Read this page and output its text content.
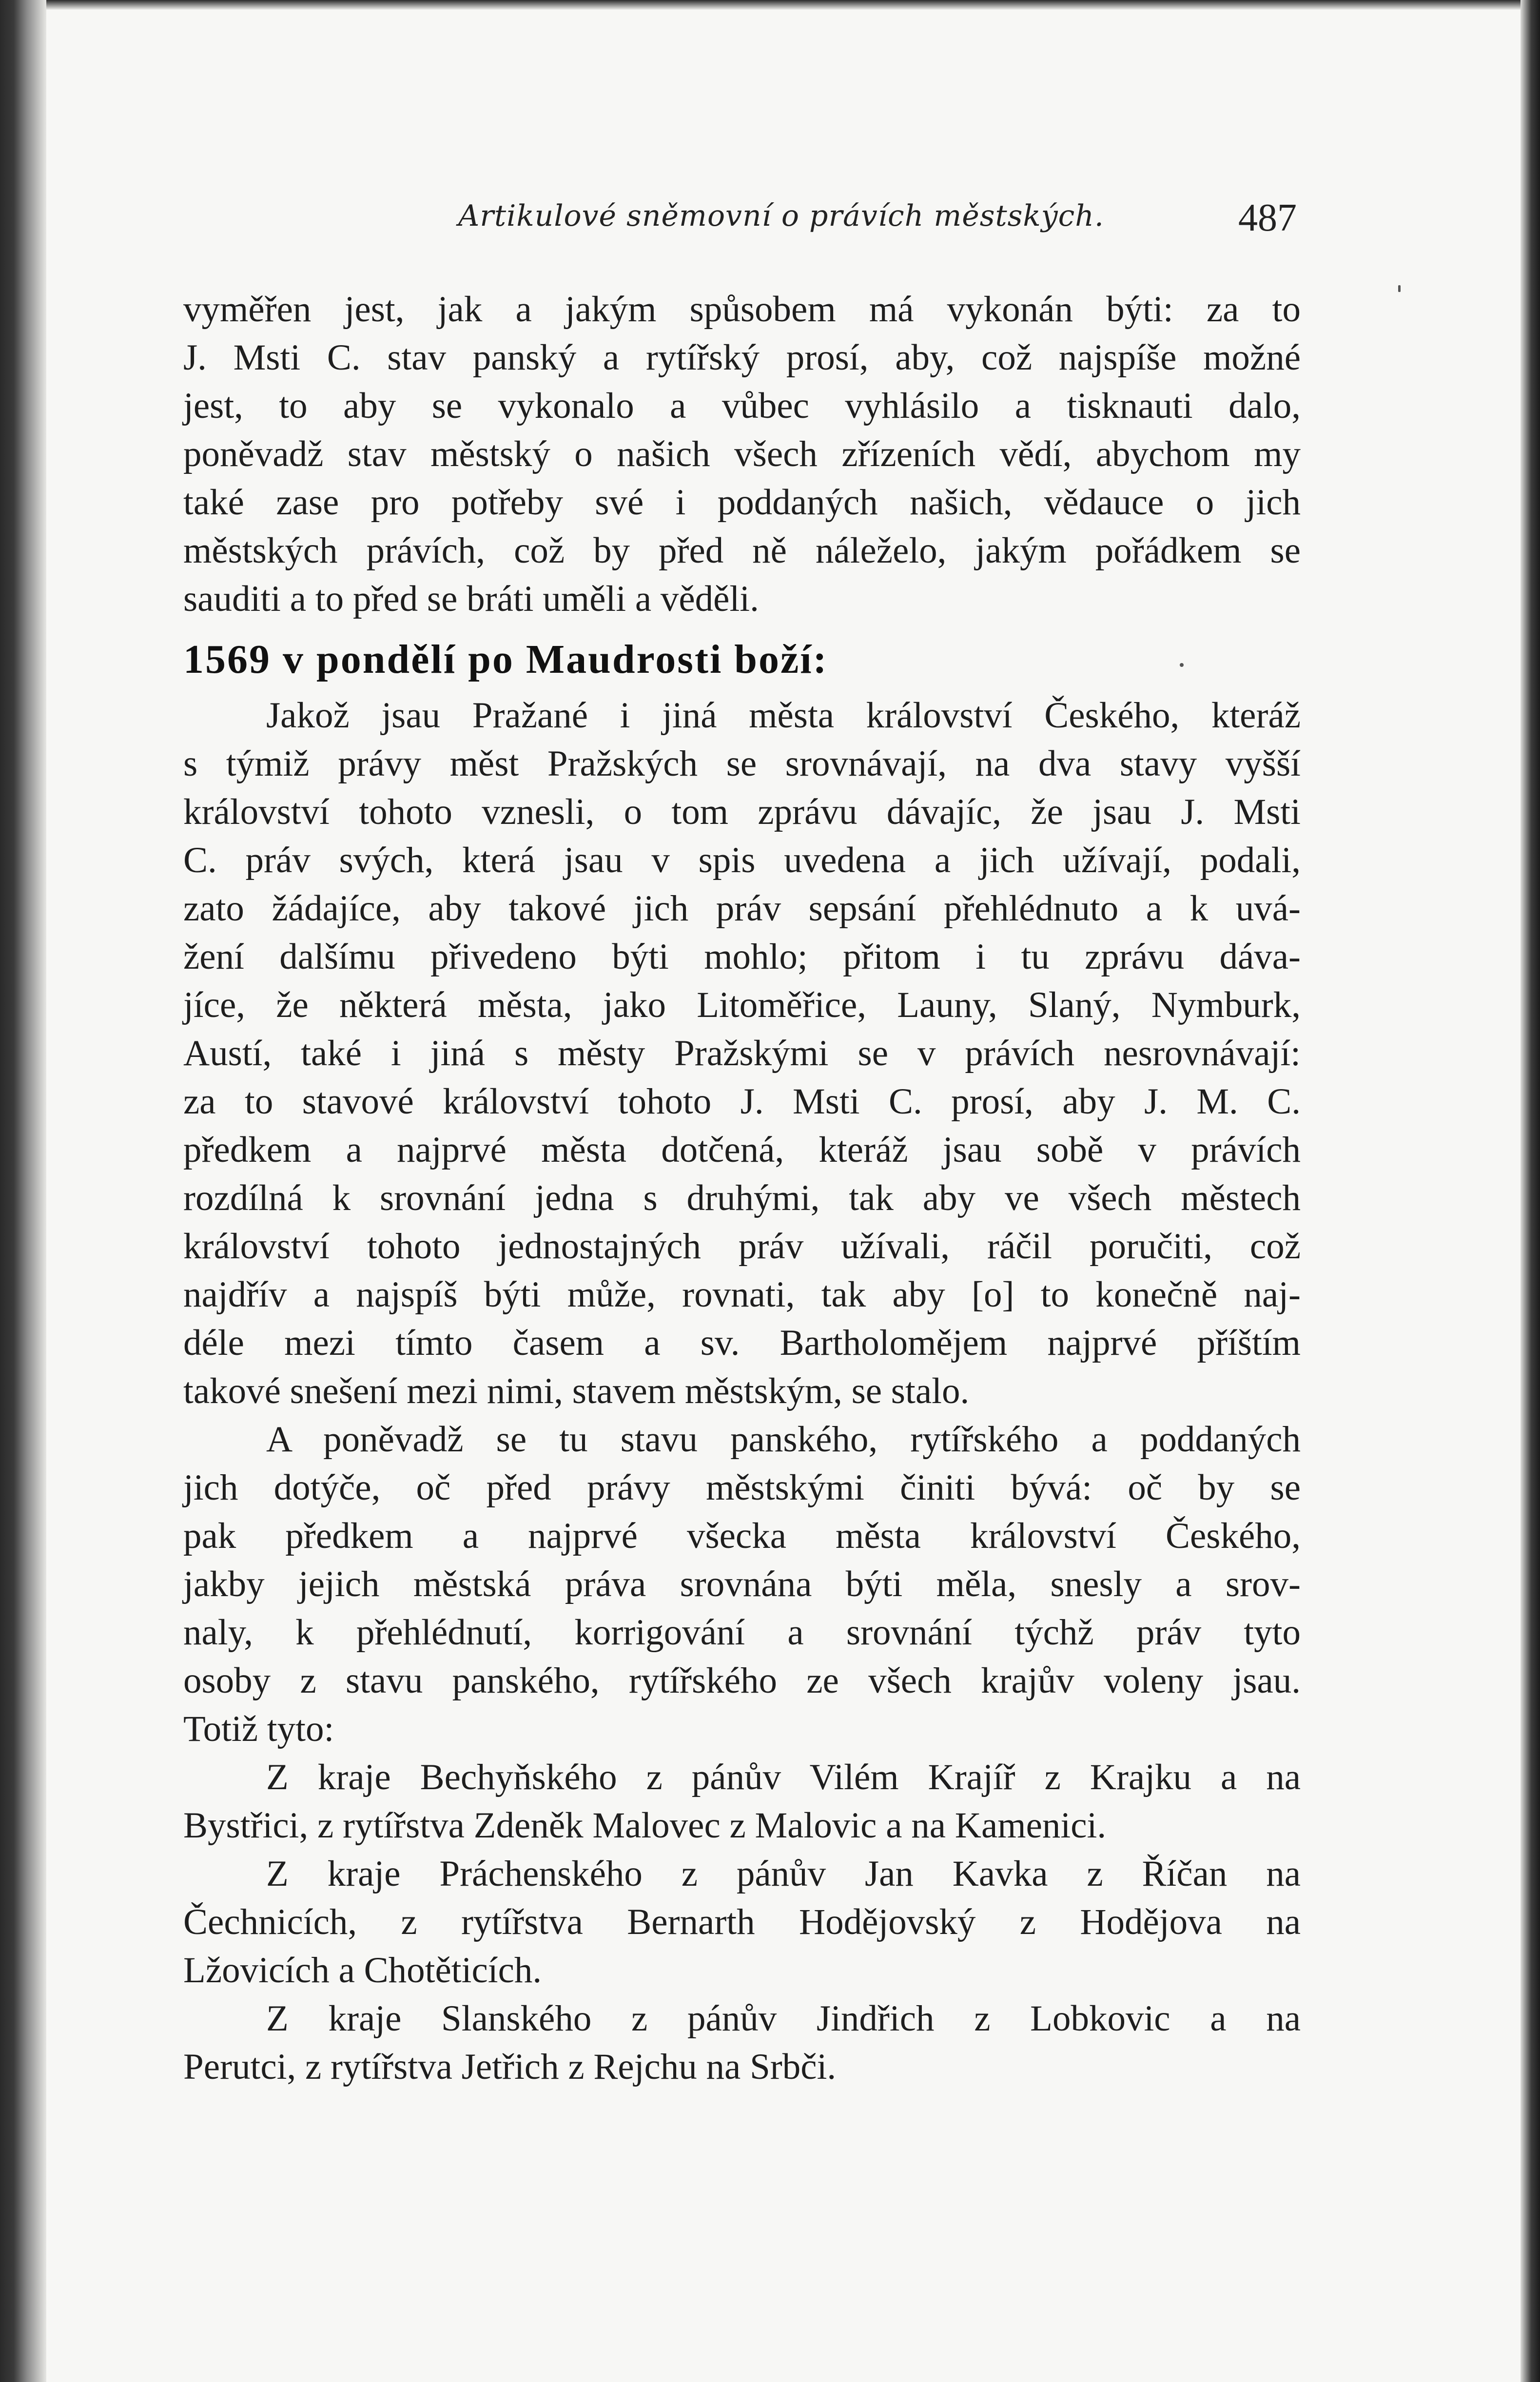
Artikulové sněmovní o právích městských.	487
vyměřen jest, jak a jakým spůsobem má vykonán býti: za to
J. Msti C. stav panský a rytířský prosí, aby, což najspíše možné
jest, to aby se vykonalo a vůbec vyhlásilo a tisknauti dalo,
poněvadž stav městský o našich všech zřízeních vědí, abychom my
také zase pro potřeby své i poddaných našich, vědauce o jich
městských právích, což by před ně náleželo, jakým pořádkem se
sauditi a to před se bráti uměli a věděli.
1569 v pondělí po Maudrosti boží:
Jakož jsau Pražané i jiná města království Českého, kteráž
s týmiž právy měst Pražských se srovnávají, na dva stavy vyšší
království tohoto vznesli, o tom zprávu dávajíc, že jsau J. Msti
C. práv svých, která jsau v spis uvedena a jich užívají, podali,
zato žádajíce, aby takové jich práv sepsání přehlédnuto a k uvá-
žení dalšímu přivedeno býti mohlo; přitom i tu zprávu dáva-
jíce, že některá města, jako Litoměřice, Launy, Slaný, Nymburk,
Austí, také i jiná s městy Pražskými se v právích nesrovnávají:
za to stavové království tohoto J. Msti C. prosí, aby J. M. C.
předkem a najprvé města dotčená, kteráž jsau sobě v právích
rozdílná k srovnání jedna s druhými, tak aby ve všech městech
království tohoto jednostajných práv užívali, ráčil poručiti, což
najdřív a najspíš býti může, rovnati, tak aby [o] to konečně naj-
déle mezi tímto časem a sv. Bartholomějem najprvé příštím
takové snešení mezi nimi, stavem městským, se stalo.
A poněvadž se tu stavu panského, rytířského a poddaných
jich dotýče, oč před právy městskými činiti bývá: oč by se
pak předkem a najprvé všecka města království Českého,
jakby jejich městská práva srovnána býti měla, snesly a srov-
naly, k přehlédnutí, korrigování a srovnání týchž práv tyto
osoby z stavu panského, rytířského ze všech krajův voleny jsau.
Totiž tyto:
Z kraje Bechyňského z pánův Vilém Krajíř z Krajku a na
Bystřici, z rytířstva Zdeněk Malovec z Malovic a na Kamenici.
Z kraje Práchenského z pánův Jan Kavka z Říčan na
Čechnicích, z rytířstva Bernarth Hodějovský z Hodějova na
Lžovicích a Chotěticích.
Z kraje Slanského z pánův Jindřich z Lobkovic a na
Perutci, z rytířstva Jetřich z Rejchu na Srbči.
